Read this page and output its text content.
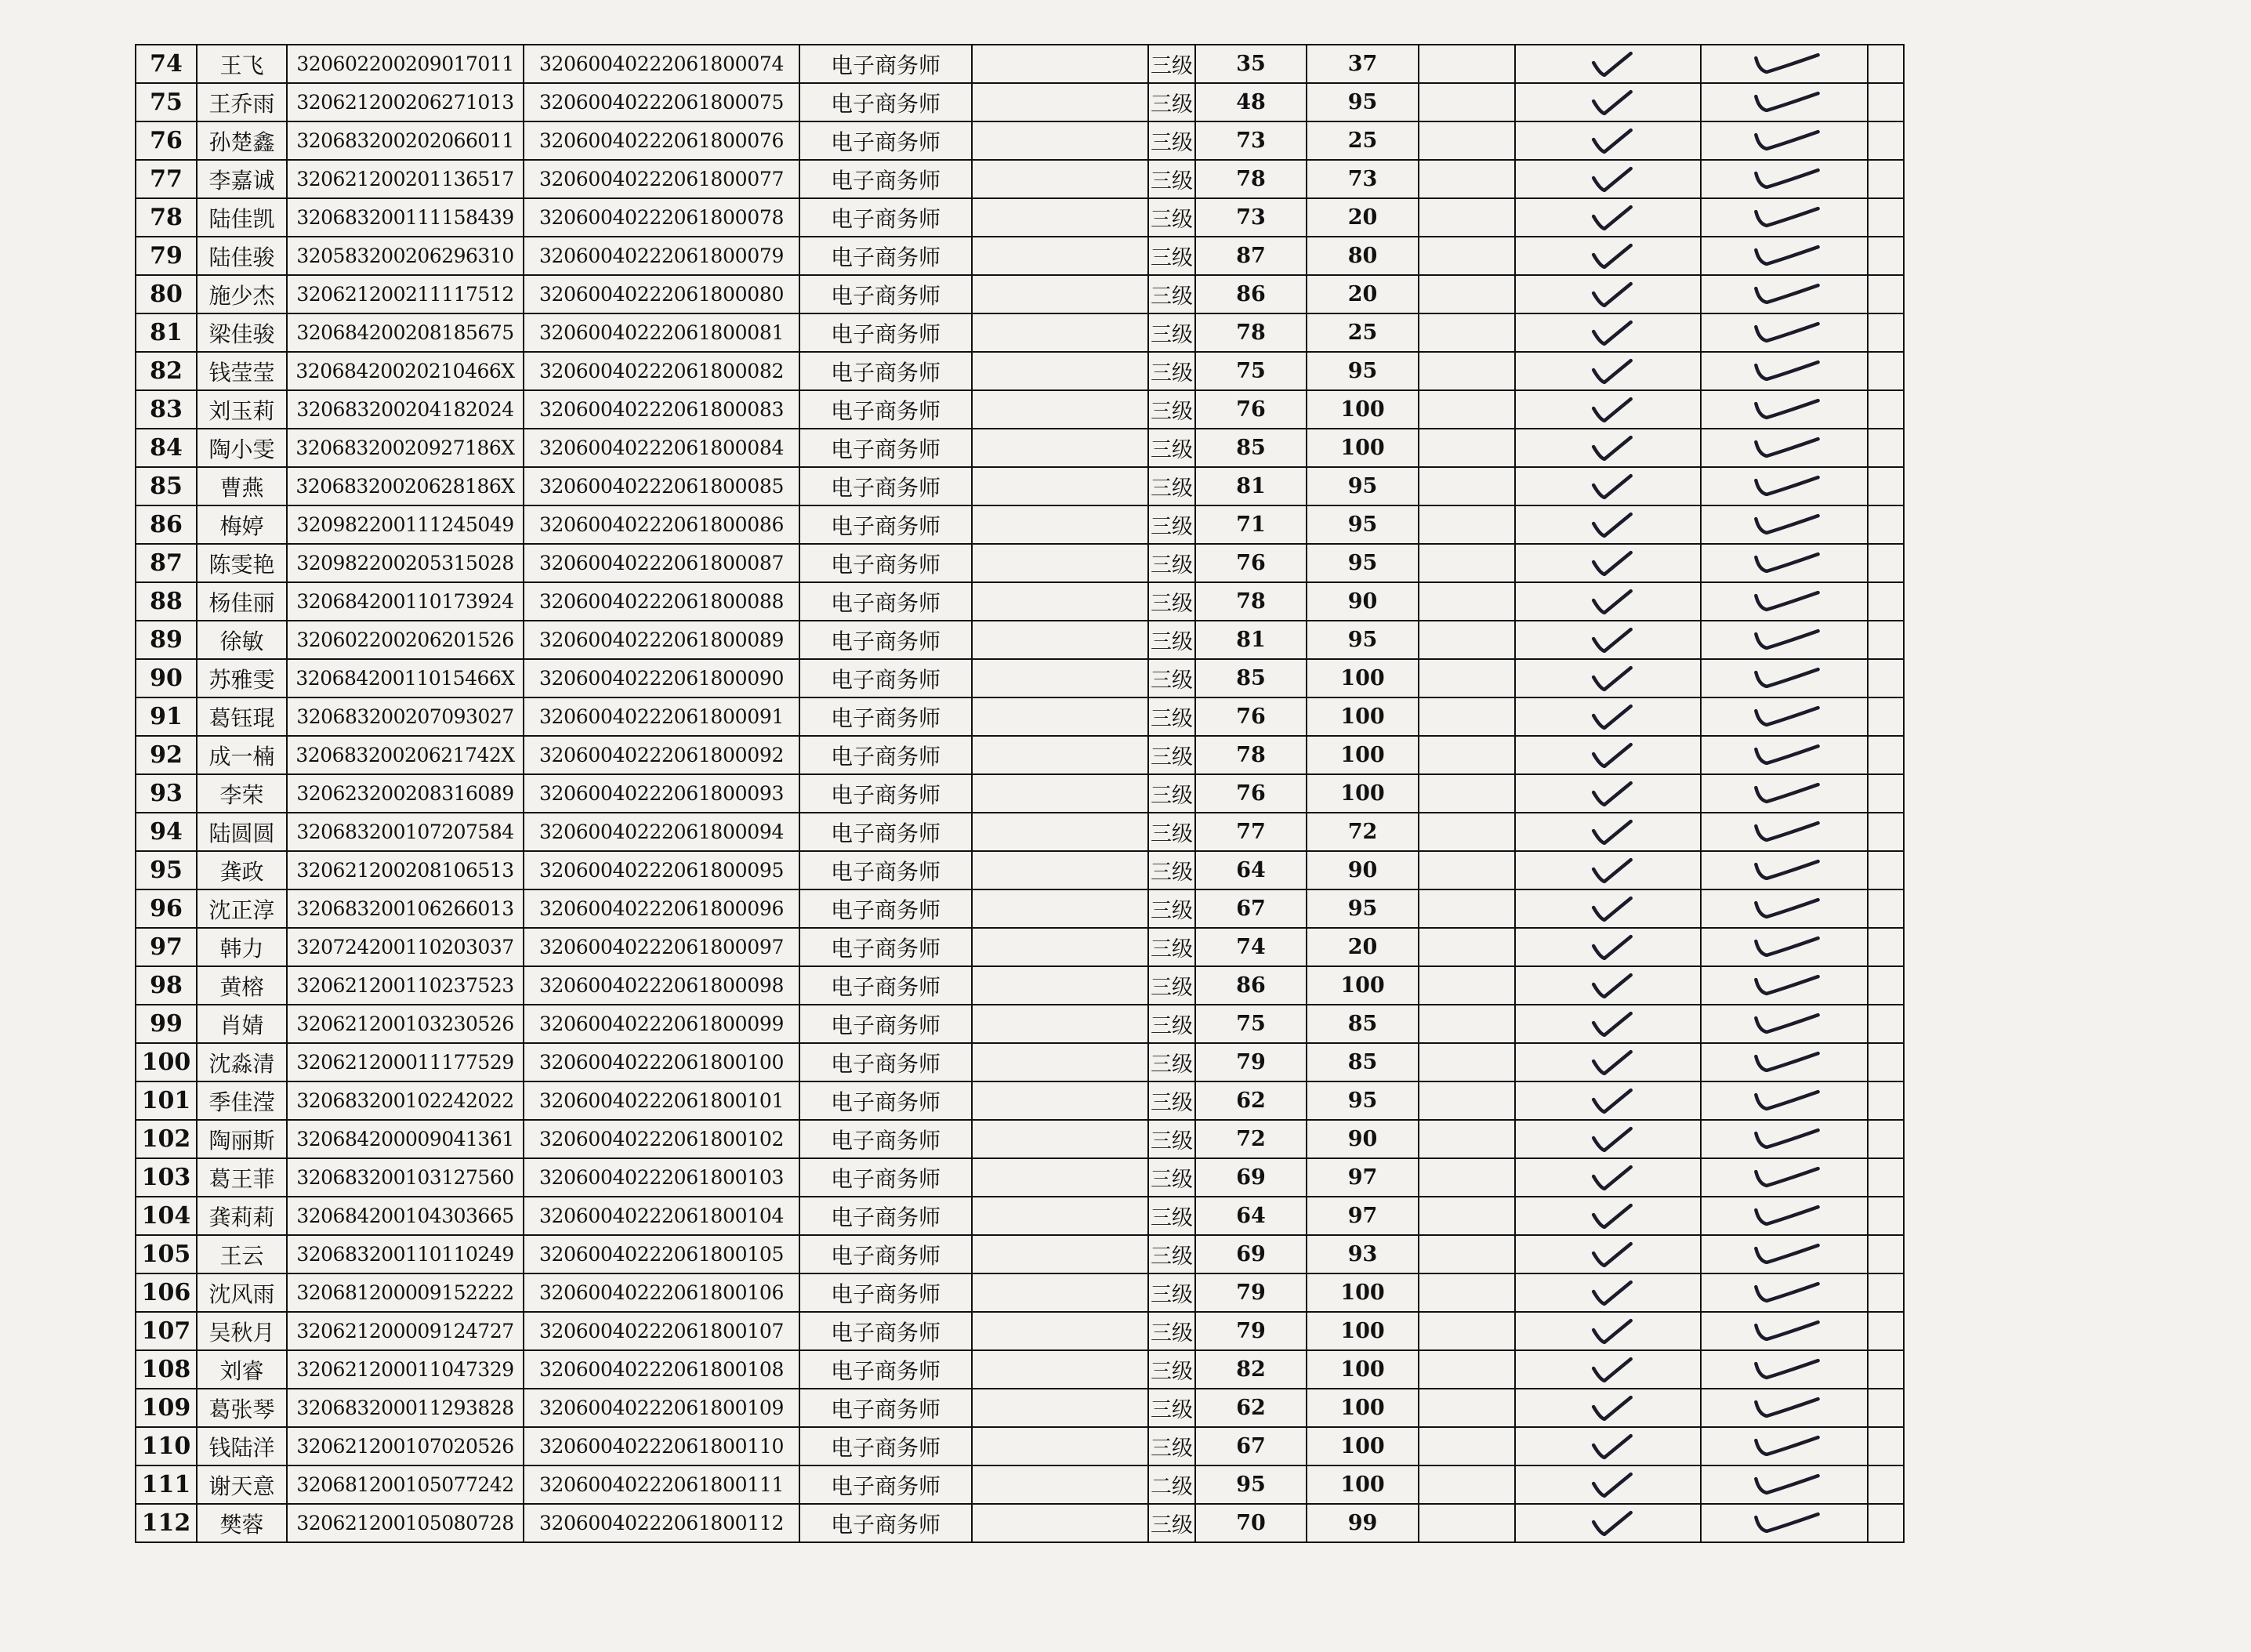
74	王飞	320602200209017011	32060040222061800074	电子商务师		三级	35	37		

75	王乔雨	320621200206271013	32060040222061800075	电子商务师		三级	48	95		

76	孙楚鑫	320683200202066011	32060040222061800076	电子商务师		三级	73	25		

77	李嘉诚	320621200201136517	32060040222061800077	电子商务师		三级	78	73		

78	陆佳凯	320683200111158439	32060040222061800078	电子商务师		三级	73	20		

79	陆佳骏	320583200206296310	32060040222061800079	电子商务师		三级	87	80		

80	施少杰	320621200211117512	32060040222061800080	电子商务师		三级	86	20		

81	梁佳骏	320684200208185675	32060040222061800081	电子商务师		三级	78	25		

82	钱莹莹	32068420020210466X	32060040222061800082	电子商务师		三级	75	95		

83	刘玉莉	320683200204182024	32060040222061800083	电子商务师		三级	76	100		

84	陶小雯	32068320020927186X	32060040222061800084	电子商务师		三级	85	100		

85	曹燕	32068320020628186X	32060040222061800085	电子商务师		三级	81	95		

86	梅婷	320982200111245049	32060040222061800086	电子商务师		三级	71	95		

87	陈雯艳	320982200205315028	32060040222061800087	电子商务师		三级	76	95		

88	杨佳丽	320684200110173924	32060040222061800088	电子商务师		三级	78	90		

89	徐敏	320602200206201526	32060040222061800089	电子商务师		三级	81	95		

90	苏雅雯	32068420011015466X	32060040222061800090	电子商务师		三级	85	100		

91	葛钰琨	320683200207093027	32060040222061800091	电子商务师		三级	76	100		

92	成一楠	32068320020621742X	32060040222061800092	电子商务师		三级	78	100		

93	李荣	320623200208316089	32060040222061800093	电子商务师		三级	76	100		

94	陆圆圆	320683200107207584	32060040222061800094	电子商务师		三级	77	72		

95	龚政	320621200208106513	32060040222061800095	电子商务师		三级	64	90		

96	沈正淳	320683200106266013	32060040222061800096	电子商务师		三级	67	95		

97	韩力	320724200110203037	32060040222061800097	电子商务师		三级	74	20		

98	黄榕	320621200110237523	32060040222061800098	电子商务师		三级	86	100		

99	肖婧	320621200103230526	32060040222061800099	电子商务师		三级	75	85		

100	沈淼清	320621200011177529	32060040222061800100	电子商务师		三级	79	85		

101	季佳滢	320683200102242022	32060040222061800101	电子商务师		三级	62	95		

102	陶丽斯	320684200009041361	32060040222061800102	电子商务师		三级	72	90		

103	葛王菲	320683200103127560	32060040222061800103	电子商务师		三级	69	97		

104	龚莉莉	320684200104303665	32060040222061800104	电子商务师		三级	64	97		

105	王云	320683200110110249	32060040222061800105	电子商务师		三级	69	93		

106	沈风雨	320681200009152222	32060040222061800106	电子商务师		三级	79	100		

107	吴秋月	320621200009124727	32060040222061800107	电子商务师		三级	79	100		

108	刘睿	320621200011047329	32060040222061800108	电子商务师		三级	82	100		

109	葛张琴	320683200011293828	32060040222061800109	电子商务师		三级	62	100		

110	钱陆洋	320621200107020526	32060040222061800110	电子商务师		三级	67	100		

111	谢天意	320681200105077242	32060040222061800111	电子商务师		二级	95	100		

112	樊蓉	320621200105080728	32060040222061800112	电子商务师		三级	70	99		
